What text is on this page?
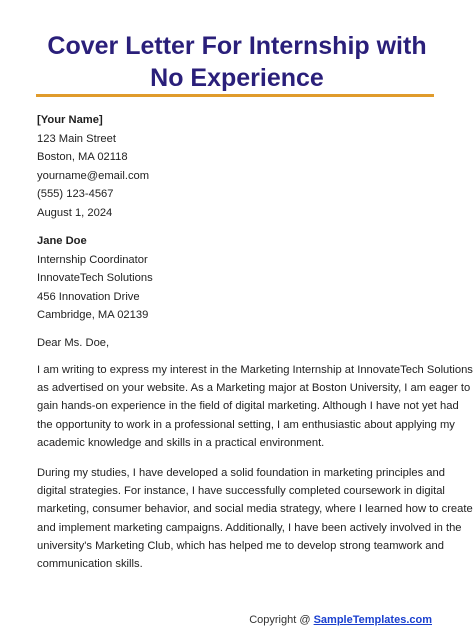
Cover Letter For Internship with
No Experience
[Your Name]
123 Main Street
Boston, MA 02118
yourname@email.com
(555) 123-4567
August 1, 2024
Jane Doe
Internship Coordinator
InnovateTech Solutions
456 Innovation Drive
Cambridge, MA 02139
Dear Ms. Doe,

I am writing to express my interest in the Marketing Internship at InnovateTech Solutions
as advertised on your website. As a Marketing major at Boston University, I am eager to
gain hands-on experience in the field of digital marketing. Although I have not yet had
the opportunity to work in a professional setting, I am enthusiastic about applying my
academic knowledge and skills in a practical environment.

During my studies, I have developed a solid foundation in marketing principles and
digital strategies. For instance, I have successfully completed coursework in digital
marketing, consumer behavior, and social media strategy, where I learned how to create
and implement marketing campaigns. Additionally, I have been actively involved in the
university's Marketing Club, which has helped me to develop strong teamwork and
communication skills.

Copyright @ SampleTemplates.com
